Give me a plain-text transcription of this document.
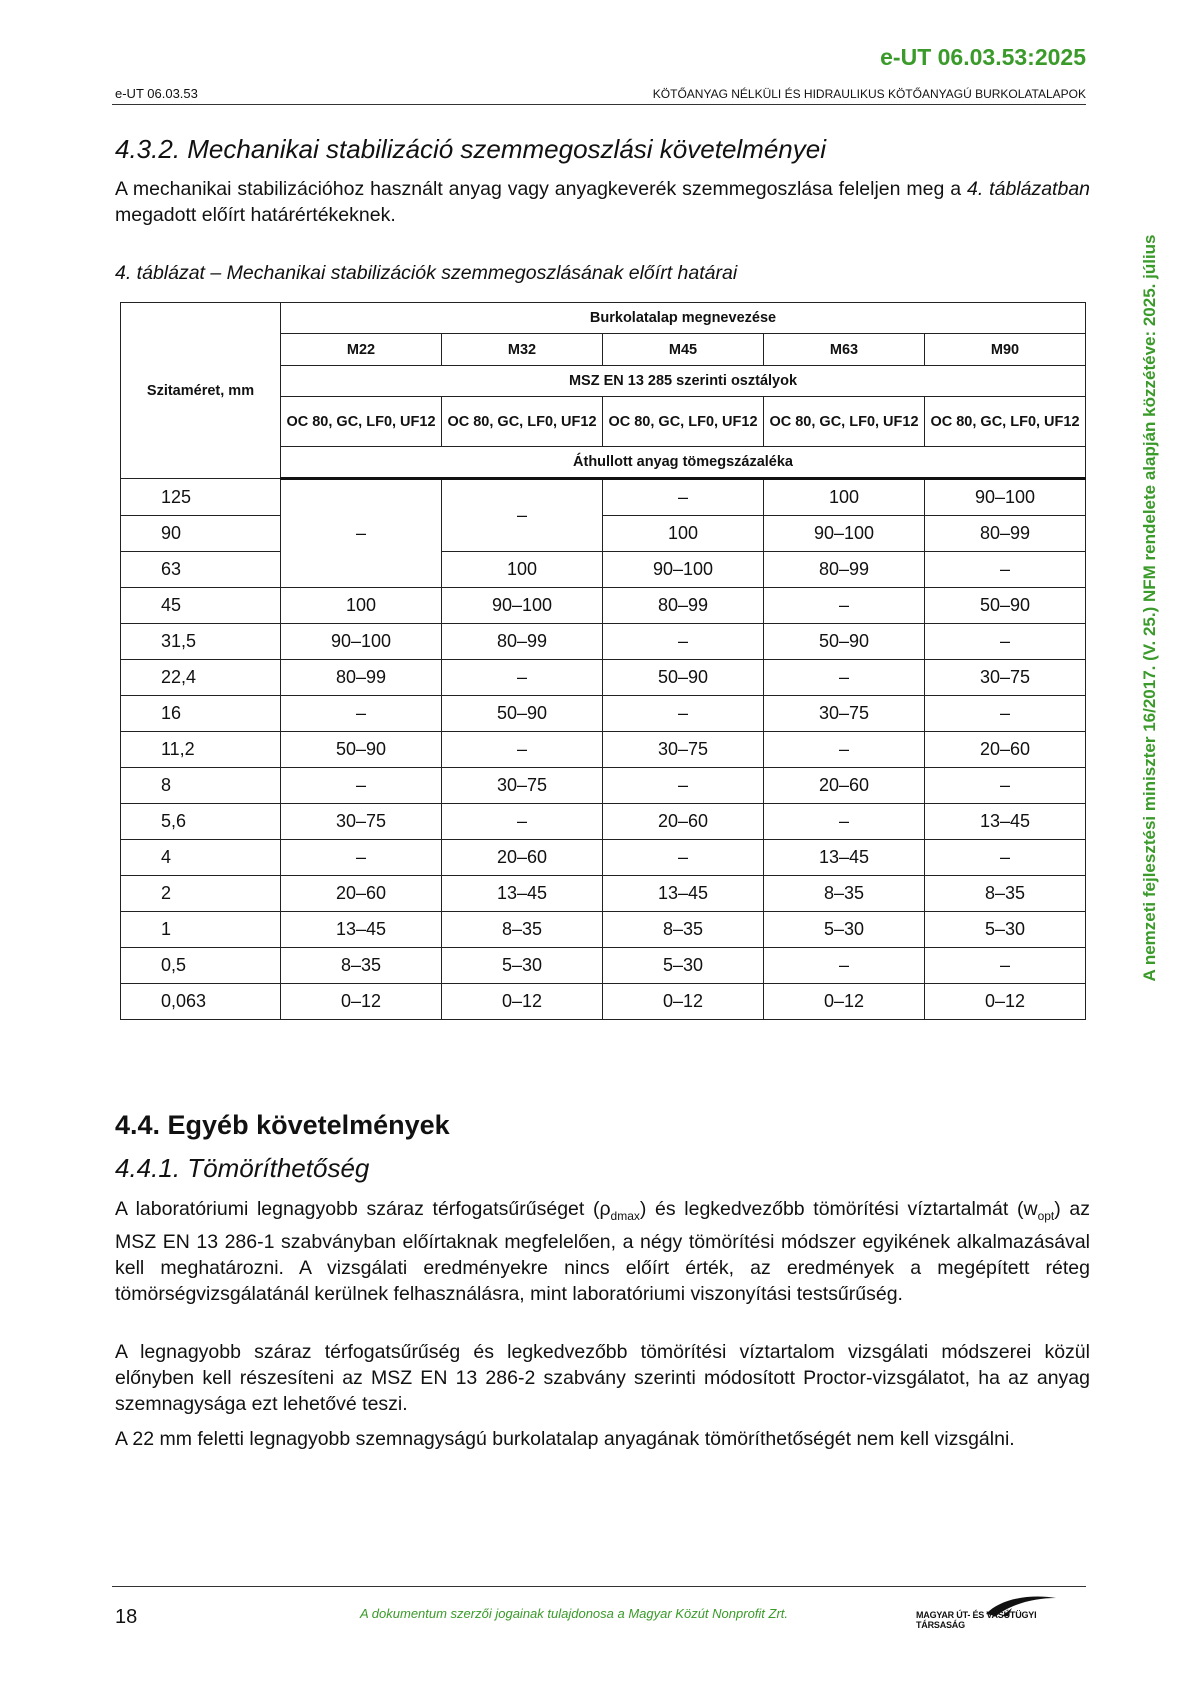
e-UT 06.03.53:2025
e-UT 06.03.53	KÖTŐANYAG NÉLKÜLI ÉS HIDRAULIKUS KÖTŐANYAGÚ BURKOLATALAPOK
A nemzeti fejlesztési miniszter 16/2017. (V. 25.) NFM rendelete alapján közzétéve: 2025. július
4.3.2. Mechanikai stabilizáció szemmegoszlási követelményei
A mechanikai stabilizációhoz használt anyag vagy anyagkeverék szemmegoszlása feleljen meg a 4. táblázatban megadott előírt határértékeknek.
4. táblázat – Mechanikai stabilizációk szemmegoszlásának előírt határai
Szitaméret, mm	Burkolatalap megnevezése				
	M22	M32	M45	M63	M90
	MSZ EN 13 285 szerinti osztályok				
	OC 80, GC, LF0, UF12	OC 80, GC, LF0, UF12	OC 80, GC, LF0, UF12	OC 80, GC, LF0, UF12	OC 80, GC, LF0, UF12
	Áthullott anyag tömegszázaléka				
125	–	–	–	100	90–100
90			100	90–100	80–99
63		100	90–100	80–99	–
45	100	90–100	80–99	–	50–90
31,5	90–100	80–99	–	50–90	–
22,4	80–99	–	50–90	–	30–75
16	–	50–90	–	30–75	–
11,2	50–90	–	30–75	–	20–60
8	–	30–75	–	20–60	–
5,6	30–75	–	20–60	–	13–45
4	–	20–60	–	13–45	–
2	20–60	13–45	13–45	8–35	8–35
1	13–45	8–35	8–35	5–30	5–30
0,5	8–35	5–30	5–30	–	–
0,063	0–12	0–12	0–12	0–12	0–12
4.4. Egyéb követelmények
4.4.1. Tömöríthetőség
A laboratóriumi legnagyobb száraz térfogatsűrűséget $(\rho_{dmax})$ és legkedvezőbb tömörítési víztartalmát $(w_{opt})$ az MSZ EN 13 286-1 szabványban előírtaknak megfelelően, a négy tömörítési módszer egyikének alkalmazásával kell meghatározni. A vizsgálati eredményekre nincs előírt érték, az eredmények a megépített réteg tömörségvizsgálatánál kerülnek felhasználásra, mint laboratóriumi viszonyítási testsűrűség.
A legnagyobb száraz térfogatsűrűség és legkedvezőbb tömörítési víztartalom vizsgálati módszerei közül előnyben kell részesíteni az MSZ EN 13 286-2 szabvány szerinti módosított Proctor-vizsgálatot, ha az anyag szemnagysága ezt lehetővé teszi.
A 22 mm feletti legnagyobb szemnagyságú burkolatalap anyagának tömöríthetőségét nem kell vizsgálni.
18	A dokumentum szerzői jogainak tulajdonosa a Magyar Közút Nonprofit Zrt.	MAGYAR ÚT- ÉS VASÚTÜGYI TÁRSASÁG
